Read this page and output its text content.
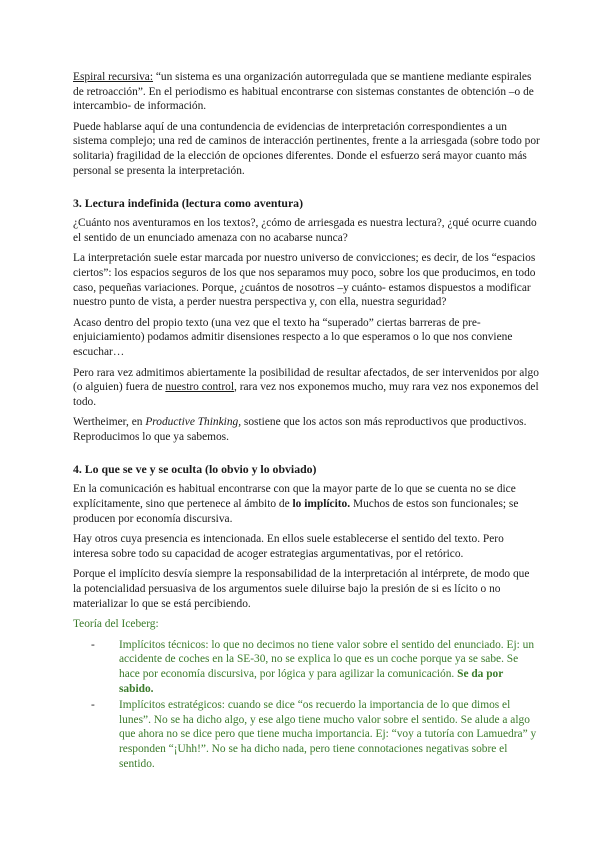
Espiral recursiva: “un sistema es una organización autorregulada que se mantiene mediante espirales de retroacción”. En el periodismo es habitual encontrarse con sistemas constantes de obtención –o de intercambio- de información.

Puede hablarse aquí de una contundencia de evidencias de interpretación correspondientes a un sistema complejo; una red de caminos de interacción pertinentes, frente a la arriesgada (sobre todo por solitaria) fragilidad de la elección de opciones diferentes. Donde el esfuerzo será mayor cuanto más personal se presenta la interpretación.

3. Lectura indefinida (lectura como aventura)

¿Cuánto nos aventuramos en los textos?, ¿cómo de arriesgada es nuestra lectura?, ¿qué ocurre cuando el sentido de un enunciado amenaza con no acabarse nunca?

La interpretación suele estar marcada por nuestro universo de convicciones; es decir, de los “espacios ciertos”: los espacios seguros de los que nos separamos muy poco, sobre los que producimos, en todo caso, pequeñas variaciones. Porque, ¿cuántos de nosotros –y cuánto- estamos dispuestos a modificar nuestro punto de vista, a perder nuestra perspectiva y, con ella, nuestra seguridad?

Acaso dentro del propio texto (una vez que el texto ha “superado” ciertas barreras de pre-enjuiciamiento) podamos admitir disensiones respecto a lo que esperamos o lo que nos conviene escuchar…

Pero rara vez admitimos abiertamente la posibilidad de resultar afectados, de ser intervenidos por algo (o alguien) fuera de nuestro control, rara vez nos exponemos mucho, muy rara vez nos exponemos del todo.

Wertheimer, en Productive Thinking, sostiene que los actos son más reproductivos que productivos. Reproducimos lo que ya sabemos.

4. Lo que se ve y se oculta (lo obvio y lo obviado)

En la comunicación es habitual encontrarse con que la mayor parte de lo que se cuenta no se dice explícitamente, sino que pertenece al ámbito de lo implícito. Muchos de estos son funcionales; se producen por economía discursiva.

Hay otros cuya presencia es intencionada. En ellos suele establecerse el sentido del texto. Pero interesa sobre todo su capacidad de acoger estrategias argumentativas, por el retórico.

Porque el implícito desvía siempre la responsabilidad de la interpretación al intérprete, de modo que la potencialidad persuasiva de los argumentos suele diluirse bajo la presión de si es lícito o no materializar lo que se está percibiendo.

Teoría del Iceberg:

- Implícitos técnicos: lo que no decimos no tiene valor sobre el sentido del enunciado. Ej: un accidente de coches en la SE-30, no se explica lo que es un coche porque ya se sabe. Se hace por economía discursiva, por lógica y para agilizar la comunicación. Se da por sabido.
- Implícitos estratégicos: cuando se dice “os recuerdo la importancia de lo que dimos el lunes”. No se ha dicho algo, y ese algo tiene mucho valor sobre el sentido. Se alude a algo que ahora no se dice pero que tiene mucha importancia. Ej: “voy a tutoría con Lamuedra” y responden “¡Uhh!”. No se ha dicho nada, pero tiene connotaciones negativas sobre el sentido.
